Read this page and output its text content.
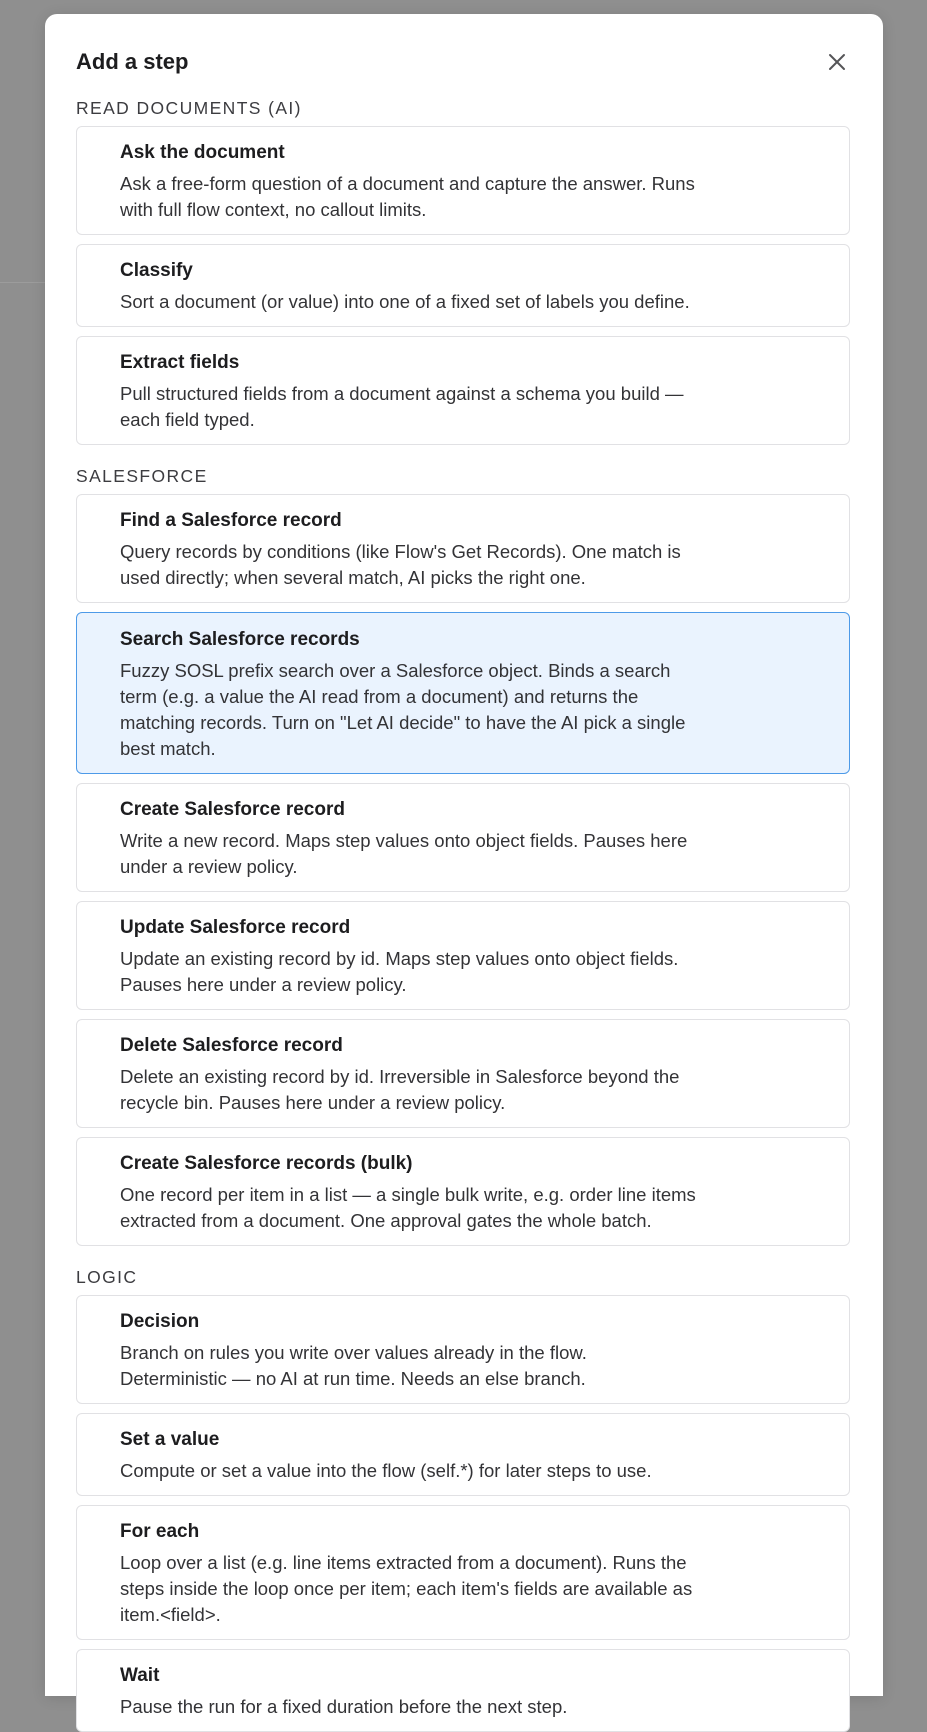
Add a step
READ DOCUMENTS (AI)
Ask the document
Ask a free-form question of a document and capture the answer. Runs
with full flow context, no callout limits.
Classify
Sort a document (or value) into one of a fixed set of labels you define.
Extract fields
Pull structured fields from a document against a schema you build —
each field typed.
SALESFORCE
Find a Salesforce record
Query records by conditions (like Flow's Get Records). One match is
used directly; when several match, AI picks the right one.
Search Salesforce records
Fuzzy SOSL prefix search over a Salesforce object. Binds a search
term (e.g. a value the AI read from a document) and returns the
matching records. Turn on "Let AI decide" to have the AI pick a single
best match.
Create Salesforce record
Write a new record. Maps step values onto object fields. Pauses here
under a review policy.
Update Salesforce record
Update an existing record by id. Maps step values onto object fields.
Pauses here under a review policy.
Delete Salesforce record
Delete an existing record by id. Irreversible in Salesforce beyond the
recycle bin. Pauses here under a review policy.
Create Salesforce records (bulk)
One record per item in a list — a single bulk write, e.g. order line items
extracted from a document. One approval gates the whole batch.
LOGIC
Decision
Branch on rules you write over values already in the flow.
Deterministic — no AI at run time. Needs an else branch.
Set a value
Compute or set a value into the flow (self.*) for later steps to use.
For each
Loop over a list (e.g. line items extracted from a document). Runs the
steps inside the loop once per item; each item's fields are available as
item.<field>.
Wait
Pause the run for a fixed duration before the next step.
